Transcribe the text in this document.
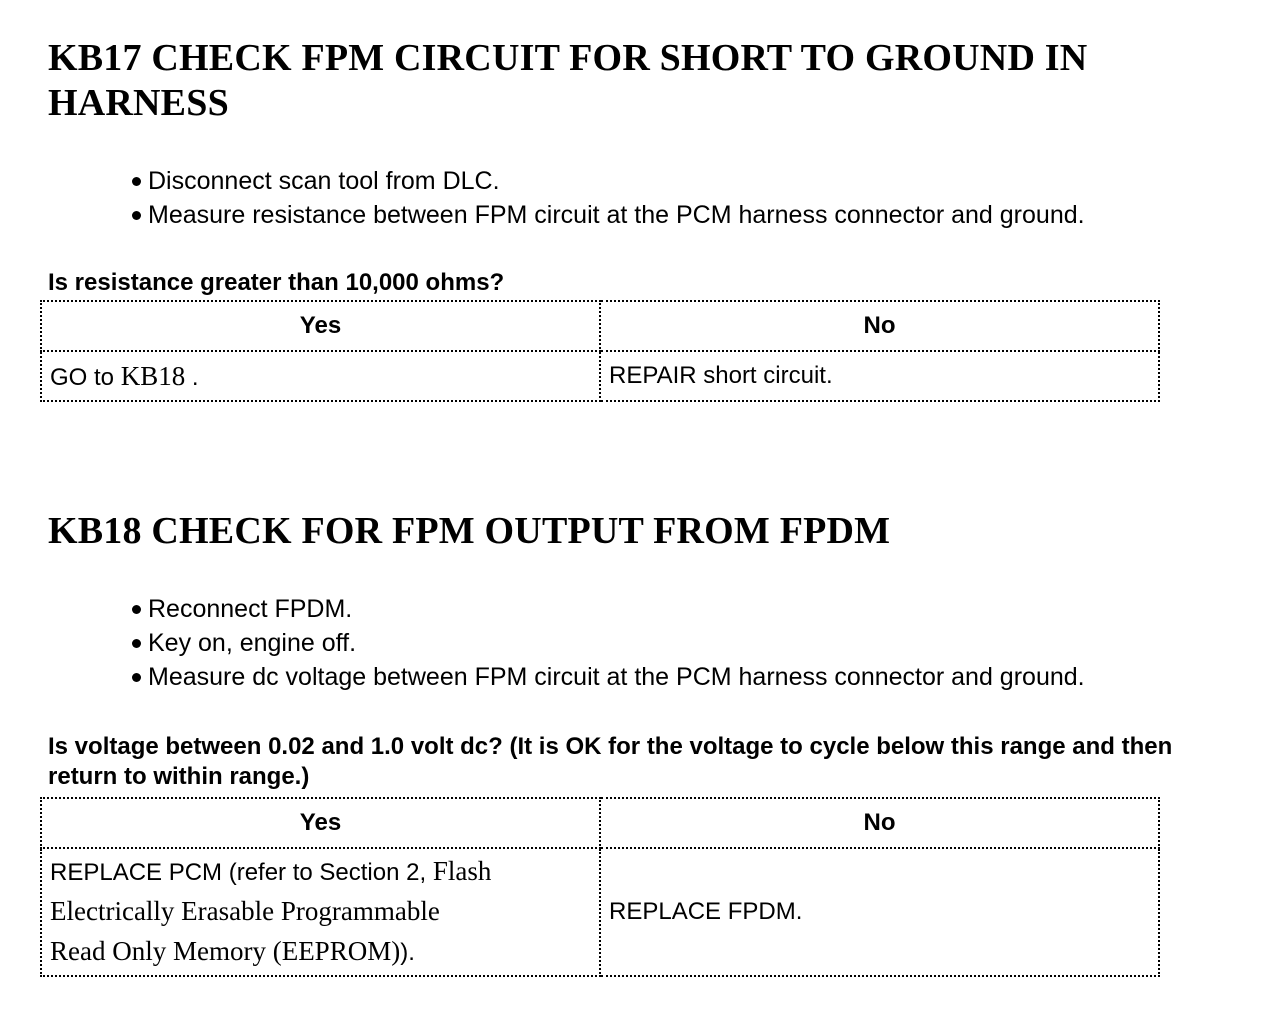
KB17 CHECK FPM CIRCUIT FOR SHORT TO GROUND IN HARNESS
Disconnect scan tool from DLC.
Measure resistance between FPM circuit at the PCM harness connector and ground.

Is resistance greater than 10,000 ohms?

Yes	No
GO to KB18 .	REPAIR short circuit.
KB18 CHECK FOR FPM OUTPUT FROM FPDM
Reconnect FPDM.
Key on, engine off.
Measure dc voltage between FPM circuit at the PCM harness connector and ground.

Is voltage between 0.02 and 1.0 volt dc? (It is OK for the voltage to cycle below this range and then return to within range.)

Yes	No

REPLACE PCM (refer to Section 2, Flash
Electrically Erasable Programmable
Read Only Memory (EEPROM)).	REPLACE FPDM.
